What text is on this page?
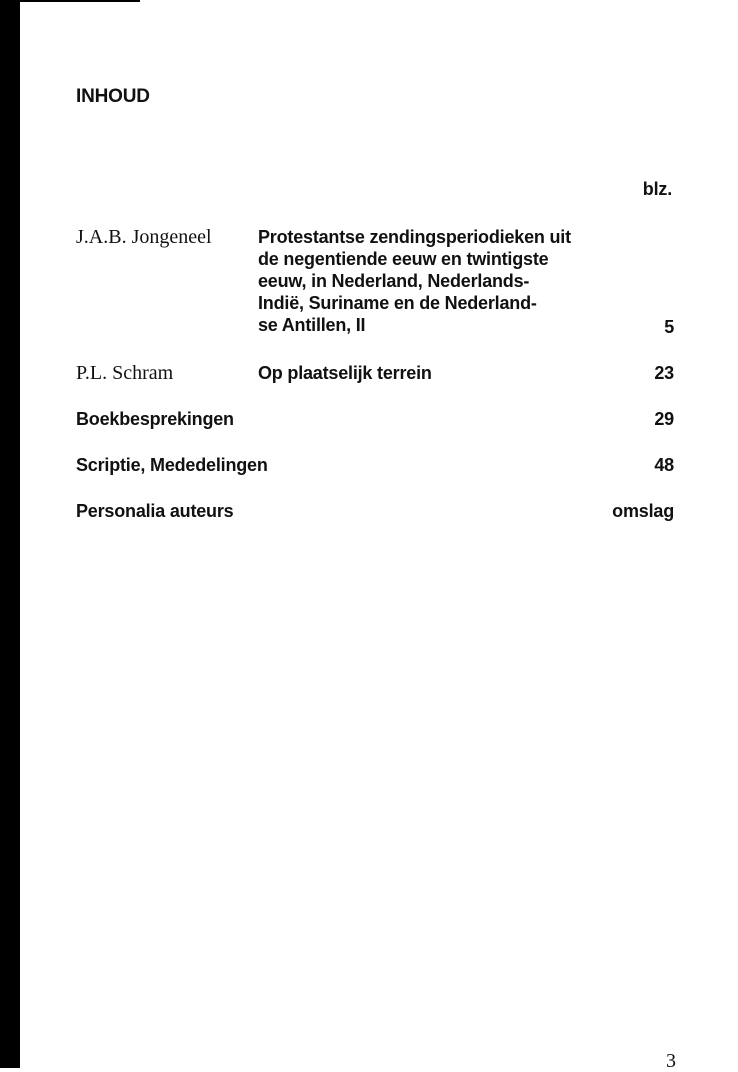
INHOUD
blz.
J.A.B. Jongeneel	Protestantse zendingsperiodieken uit
de negentiende eeuw en twintigste
eeuw, in Nederland, Nederlands-
Indië, Suriname en de Nederland-
se Antillen, II	5
P.L. Schram	Op plaatselijk terrein	23
Boekbesprekingen	29
Scriptie, Mededelingen	48
Personalia auteurs	omslag
3
